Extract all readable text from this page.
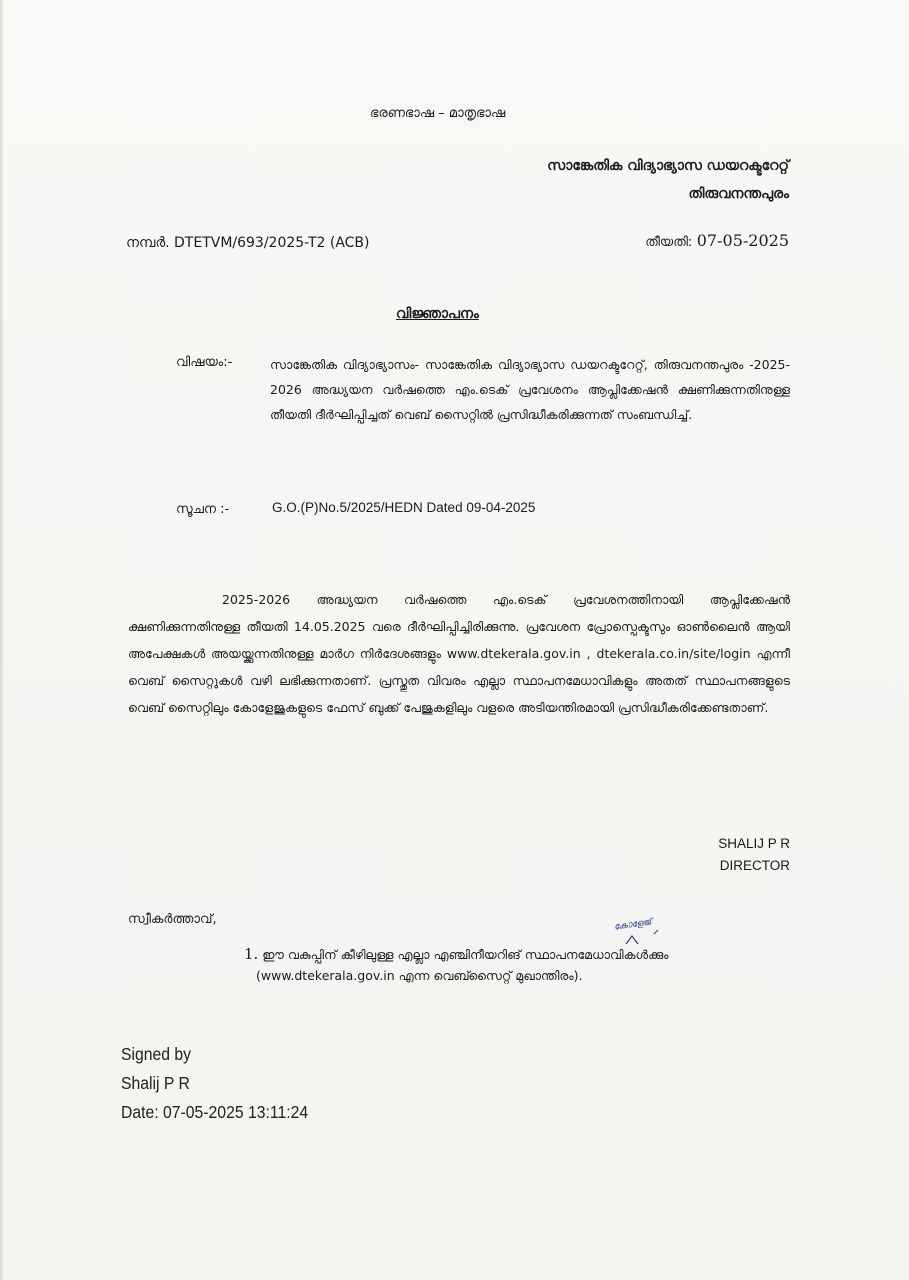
ഭരണഭാഷ – മാതൃഭാഷ
സാങ്കേതിക വിദ്യാഭ്യാസ ഡയറക്ടറേറ്റ്
തിരുവനന്തപുരം
നമ്പർ. DTETVM/693/2025-T2 (ACB)	തീയതി: 07-05-2025
വിജ്ഞാപനം
വിഷയം:-	സാങ്കേതിക വിദ്യാഭ്യാസം- സാങ്കേതിക വിദ്യാഭ്യാസ ഡയറക്ടറേറ്റ്, തിരുവനന്തപുരം -2025-2026 അദ്ധ്യയന വർഷത്തെ എം.ടെക് പ്രവേശനം ആപ്ലിക്കേഷൻ ക്ഷണിക്കുന്നതിനുള്ള തീയതി ദീർഘിപ്പിച്ചത് വെബ് സൈറ്റിൽ പ്രസിദ്ധീകരിക്കുന്നത് സംബന്ധിച്ച്.
സൂചന :-	G.O.(P)No.5/2025/HEDN Dated 09-04-2025
2025-2026 അദ്ധ്യയന വർഷത്തെ എം.ടെക് പ്രവേശനത്തിനായി ആപ്ലിക്കേഷൻ ക്ഷണിക്കുന്നതിനുള്ള തീയതി 14.05.2025 വരെ ദീർഘിപ്പിച്ചിരിക്കുന്നു. പ്രവേശന പ്രോസ്പെക്ടസും ഓൺലൈൻ ആയി അപേക്ഷകൾ അയയ്ക്കുന്നതിനുള്ള മാർഗ നിർദേശങ്ങളും www.dtekerala.gov.in , dtekerala.co.in/site/login എന്നീ വെബ് സൈറ്റുകൾ വഴി ലഭിക്കുന്നതാണ്. പ്രസ്തുത വിവരം എല്ലാ സ്ഥാപനമേധാവികളും അതത് സ്ഥാപനങ്ങളുടെ വെബ് സൈറ്റിലും കോളേജുകളുടെ ഫേസ് ബുക്ക് പേജുകളിലും വളരെ അടിയന്തിരമായി പ്രസിദ്ധീകരിക്കേണ്ടതാണ്.
SHALIJ P R
DIRECTOR
സ്വീകർത്താവ്,
1. ഈ വകുപ്പിന് കീഴിലുള്ള എല്ലാ എഞ്ചിനീയറിങ് സ്ഥാപനമേധാവികൾക്കും
കോളേജ്
(www.dtekerala.gov.in എന്ന വെബ്സൈറ്റ് മുഖാന്തിരം).
Signed by
Shalij P R
Date: 07-05-2025 13:11:24
